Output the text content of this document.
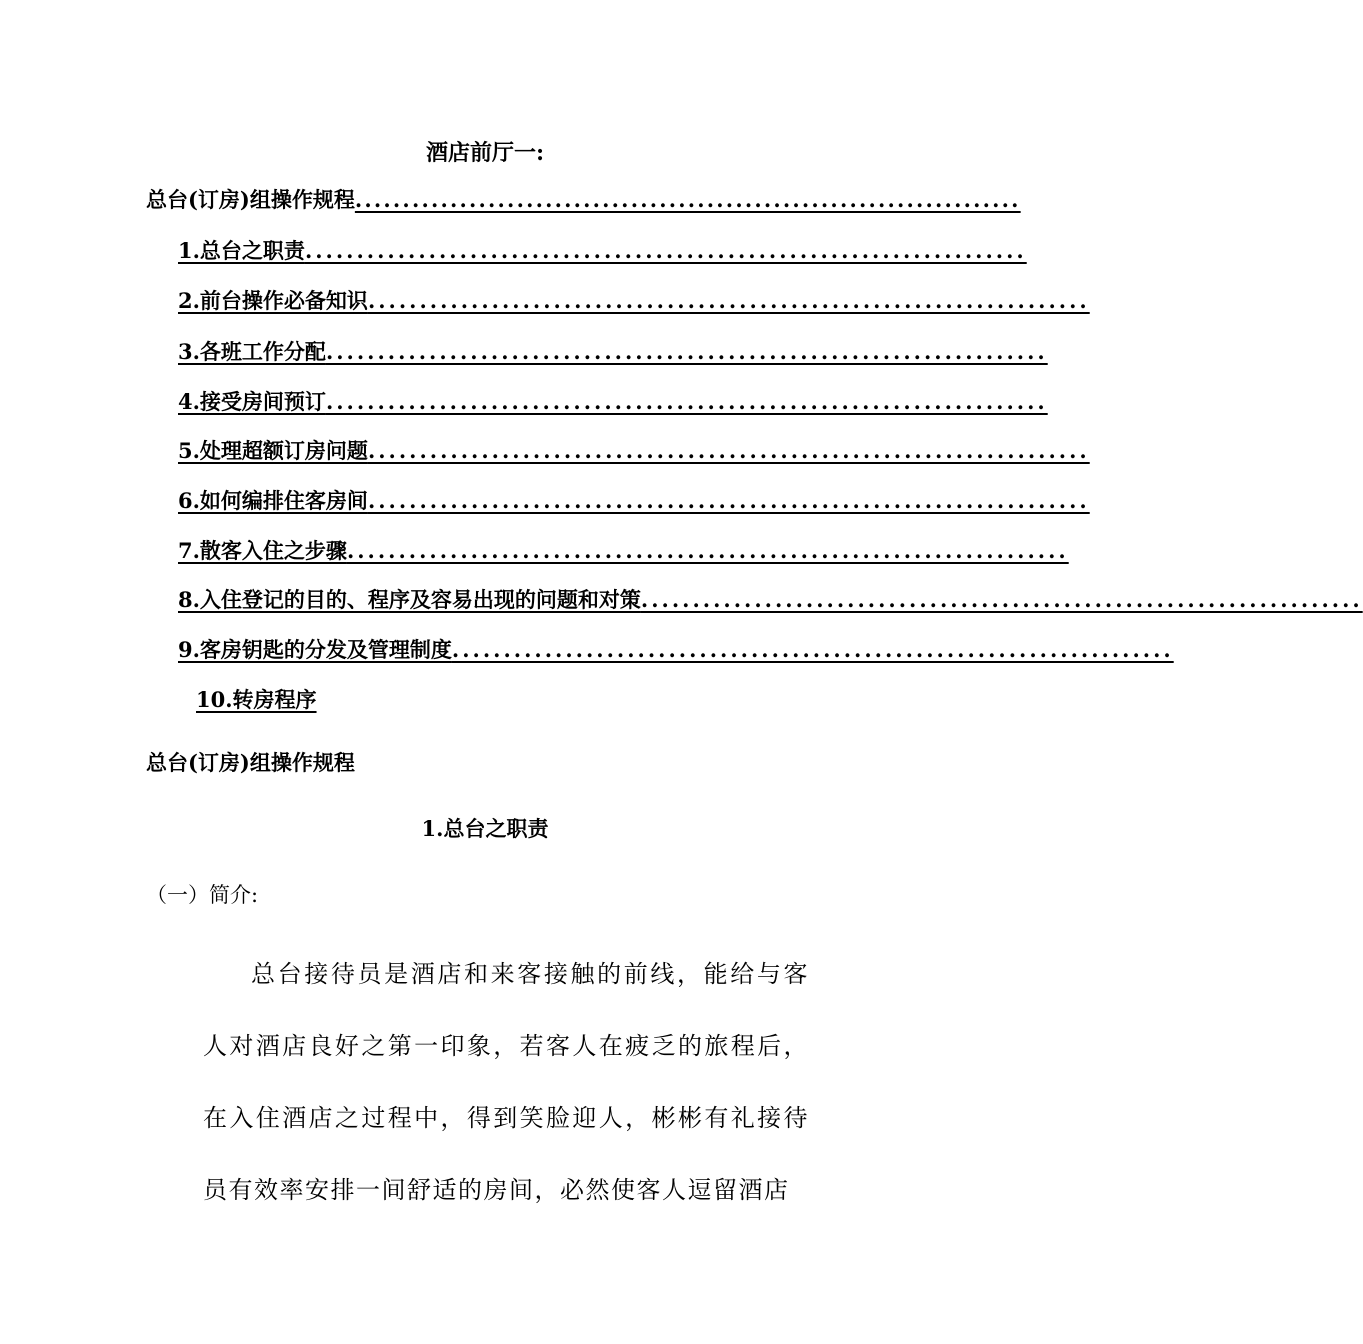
酒店前厅一:
总台(订房)组操作规程......................................................................
1.总台之职责......................................................................
2.前台操作必备知识......................................................................
3.各班工作分配......................................................................
4.接受房间预订......................................................................
5.处理超额订房问题......................................................................
6.如何编排住客房间......................................................................
7.散客入住之步骤......................................................................
8.入住登记的目的、程序及容易出现的问题和对策......................................................................
9.客房钥匙的分发及管理制度......................................................................
10.转房程序
总台(订房)组操作规程
1.总台之职责
（一）简介:
总台接待员是酒店和来客接触的前线，能给与客人对酒店良好之第一印象，若客人在疲乏的旅程后，在入住酒店之过程中，得到笑脸迎人，彬彬有礼接待员有效率安排一间舒适的房间，必然使客人逗留酒店
